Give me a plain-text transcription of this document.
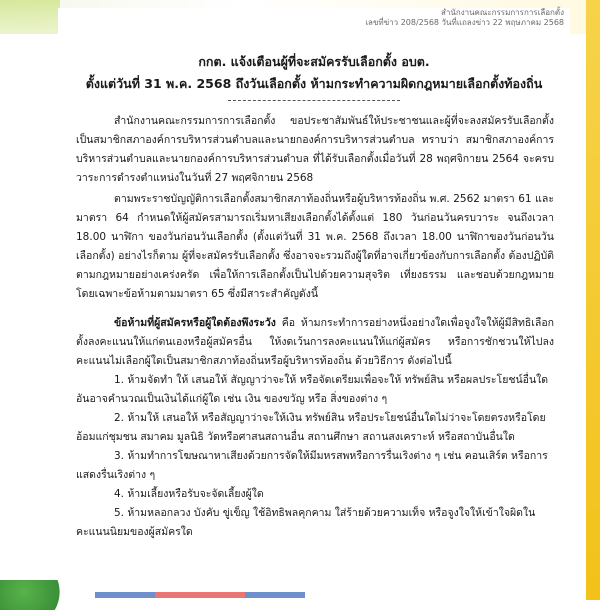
สำนักงานคณะกรรมการการเลือกตั้ง
เลขที่ข่าว 208/2568 วันที่แถลงข่าว 22 พฤษภาคม 2568
กกต. แจ้งเตือนผู้ที่จะสมัครรับเลือกตั้ง อบต.
ตั้งแต่วันที่ 31 พ.ค. 2568 ถึงวันเลือกตั้ง ห้ามกระทำความผิดกฎหมายเลือกตั้งท้องถิ่น

สำนักงานคณะกรรมการการเลือกตั้ง ขอประชาสัมพันธ์ให้ประชาชนและผู้ที่จะลงสมัครรับเลือกตั้งเป็นสมาชิกสภาองค์การบริหารส่วนตำบลและนายกองค์การบริหารส่วนตำบล ทราบว่า สมาชิกสภาองค์การบริหารส่วนตำบลและนายกองค์การบริหารส่วนตำบล ที่ได้รับเลือกตั้งเมื่อวันที่ 28 พฤศจิกายน 2564 จะครบวาระการดำรงตำแหน่งในวันที่ 27 พฤศจิกายน 2568

ตามพระราชบัญญัติการเลือกตั้งสมาชิกสภาท้องถิ่นหรือผู้บริหารท้องถิ่น พ.ศ. 2562 มาตรา 61 และมาตรา 64 กำหนดให้ผู้สมัครสามารถเริ่มหาเสียงเลือกตั้งได้ตั้งแต่ 180 วันก่อนวันครบวาระ จนถึงเวลา 18.00 นาฬิกา ของวันก่อนวันเลือกตั้ง (ตั้งแต่วันที่ 31 พ.ค. 2568 ถึงเวลา 18.00 นาฬิกาของวันก่อนวันเลือกตั้ง) อย่างไรก็ตาม ผู้ที่จะสมัครรับเลือกตั้ง ซึ่งอาจจะรวมถึงผู้ใดที่อาจเกี่ยวข้องกับการเลือกตั้ง ต้องปฏิบัติตามกฎหมายอย่างเคร่งครัด เพื่อให้การเลือกตั้งเป็นไปด้วยความสุจริต เที่ยงธรรม และชอบด้วยกฎหมาย โดยเฉพาะข้อห้ามตามมาตรา 65 ซึ่งมีสาระสำคัญดังนี้

ข้อห้ามที่ผู้สมัครหรือผู้ใดต้องพึงระวัง คือ ห้ามกระทำการอย่างหนึ่งอย่างใดเพื่อจูงใจให้ผู้มีสิทธิเลือกตั้งลงคะแนนให้แก่ตนเองหรือผู้สมัครอื่น ให้งดเว้นการลงคะแนนให้แก่ผู้สมัคร หรือการชักชวนให้ไปลงคะแนนไม่เลือกผู้ใดเป็นสมาชิกสภาท้องถิ่นหรือผู้บริหารท้องถิ่น ด้วยวิธีการ ดังต่อไปนี้

1. ห้ามจัดทำ ให้ เสนอให้ สัญญาว่าจะให้ หรือจัดเตรียมเพื่อจะให้ ทรัพย์สิน หรือผลประโยชน์อื่นใดอันอาจคำนวณเป็นเงินได้แก่ผู้ใด เช่น เงิน ของขวัญ หรือ สิ่งของต่าง ๆ

2. ห้ามให้ เสนอให้ หรือสัญญาว่าจะให้เงิน ทรัพย์สิน หรือประโยชน์อื่นใดไม่ว่าจะโดยตรงหรือโดยอ้อมแก่ชุมชน สมาคม มูลนิธิ วัดหรือศาสนสถานอื่น สถานศึกษา สถานสงเคราะห์ หรือสถาบันอื่นใด

3. ห้ามทำการโฆษณาหาเสียงด้วยการจัดให้มีมหรสพหรือการรื่นเริงต่าง ๆ เช่น คอนเสิร์ต หรือการแสดงรื่นเริงต่าง ๆ

4. ห้ามเลี้ยงหรือรับจะจัดเลี้ยงผู้ใด

5. ห้ามหลอกลวง บังคับ ขู่เข็ญ ใช้อิทธิพลคุกคาม ใส่ร้ายด้วยความเท็จ หรือจูงใจให้เข้าใจผิดในคะแนนนิยมของผู้สมัครใด
